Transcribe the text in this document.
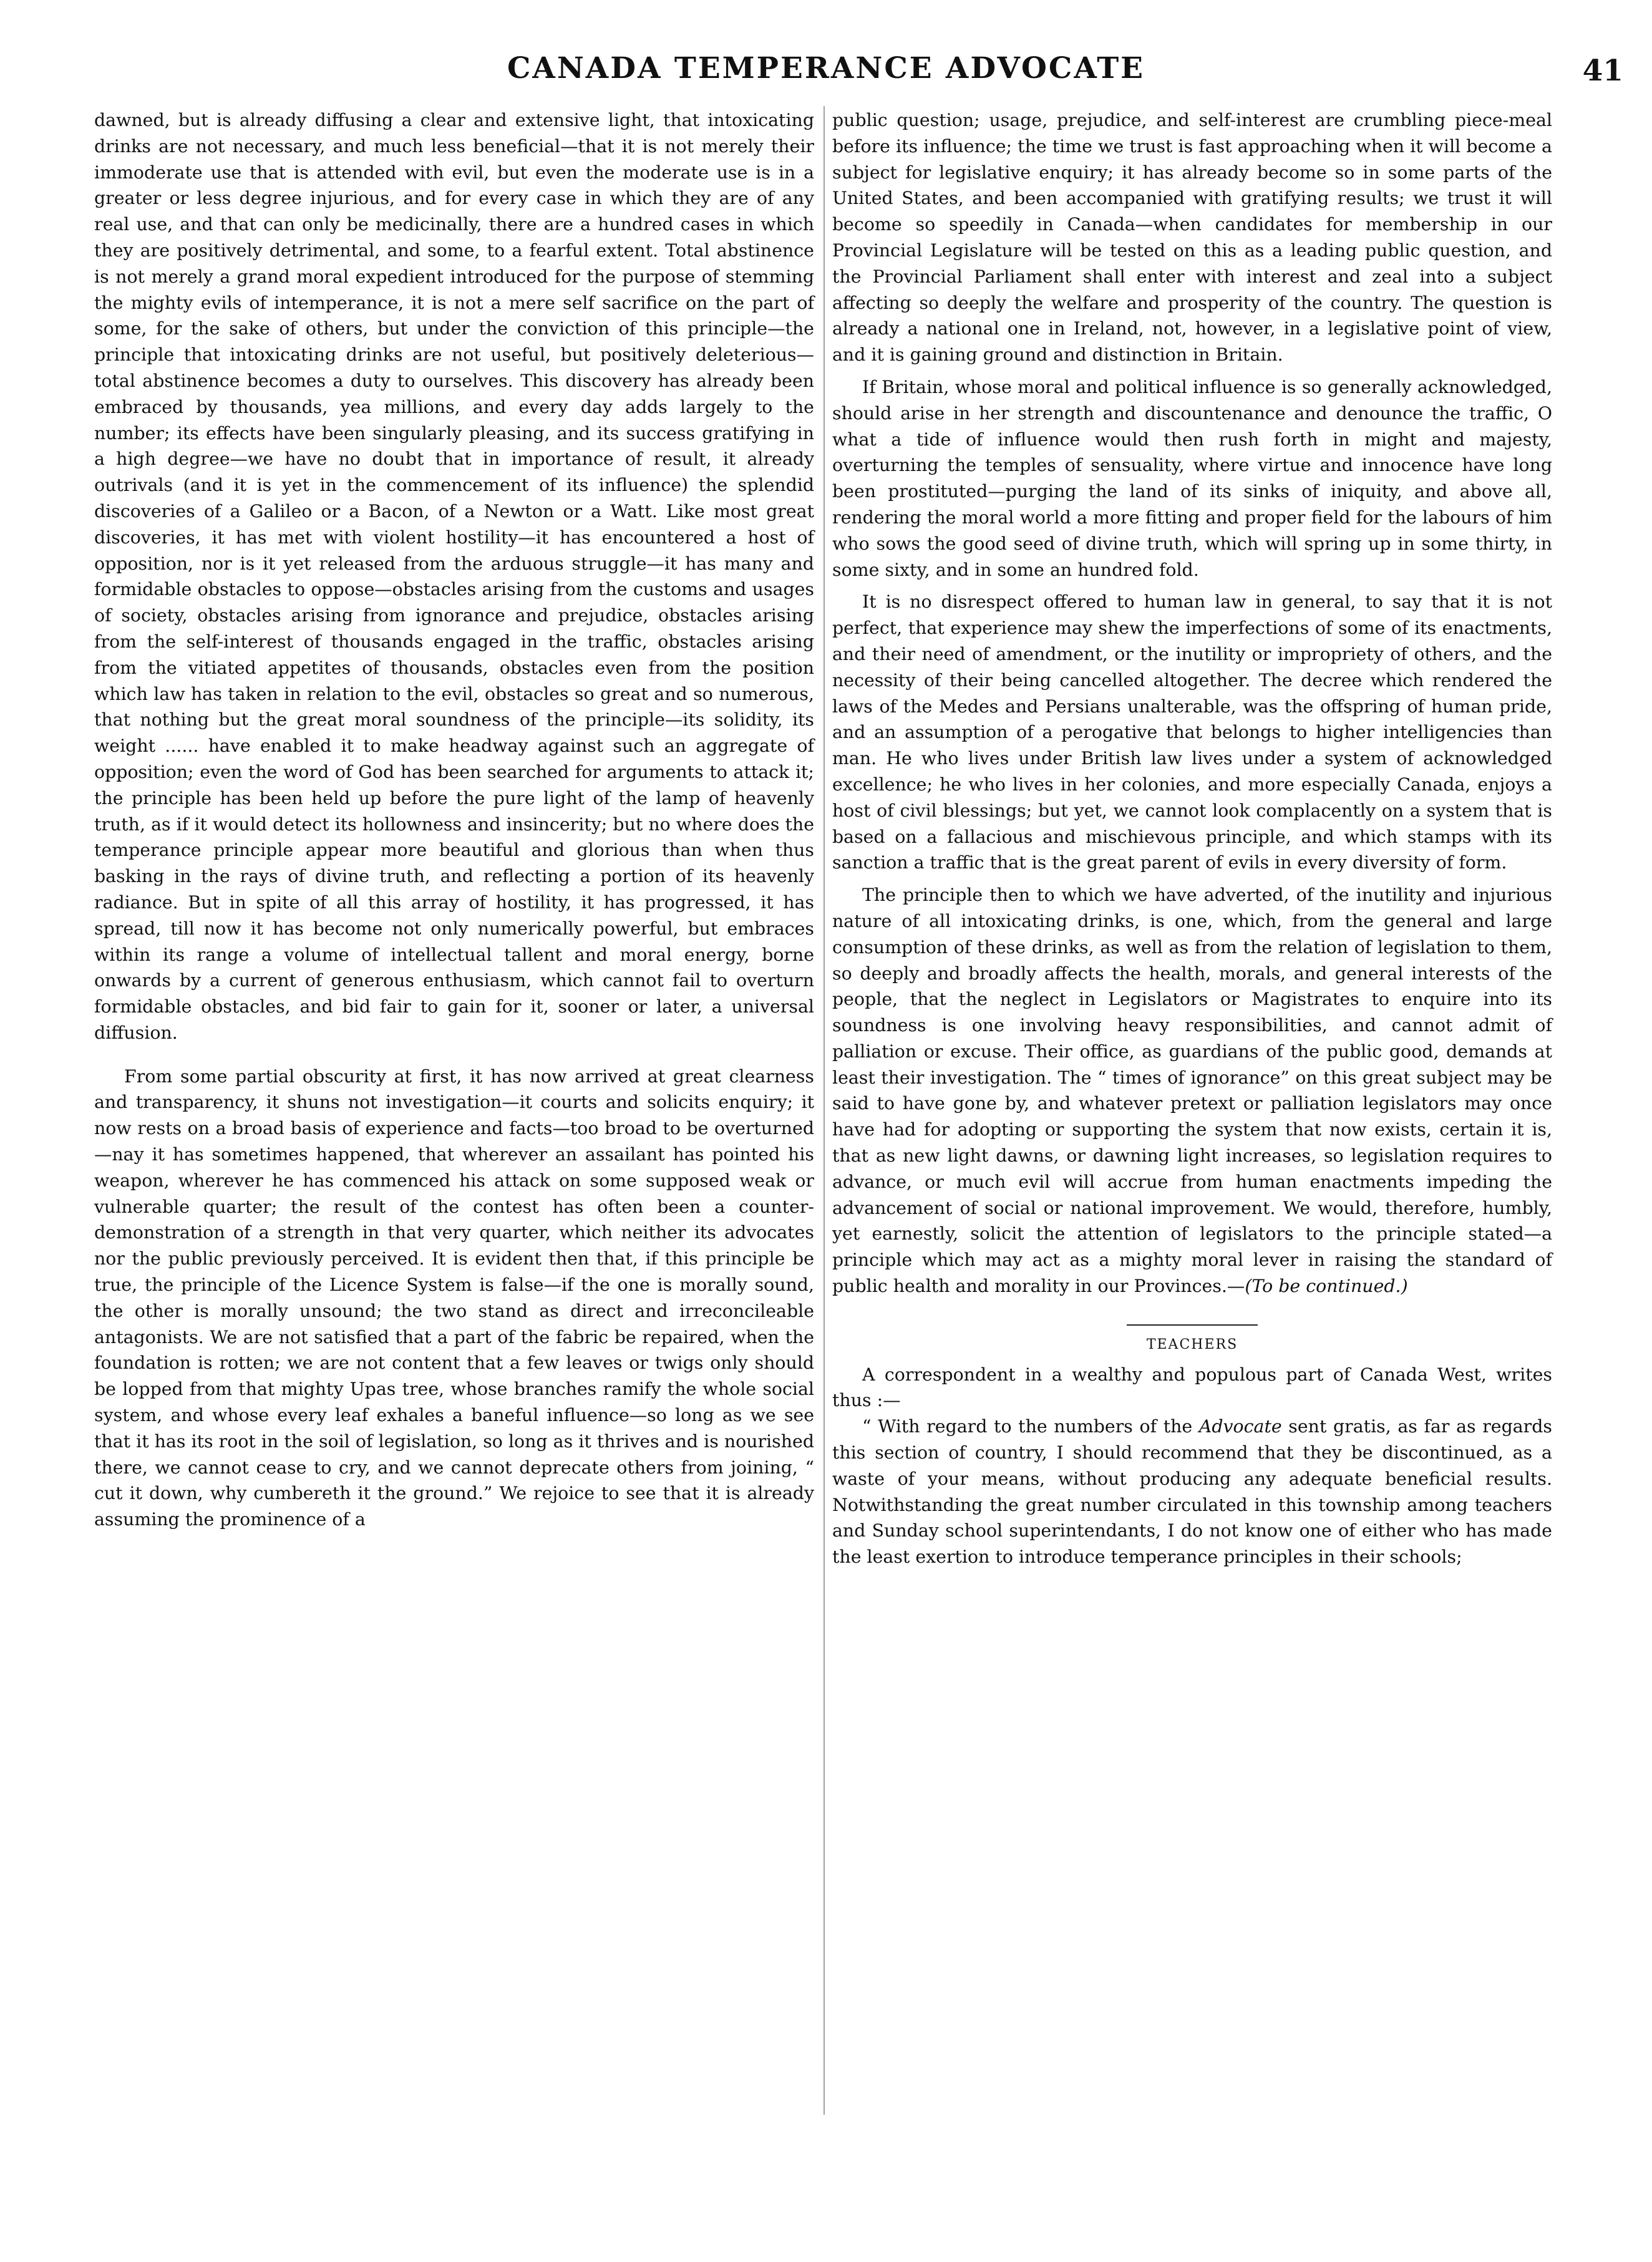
CANADA TEMPERANCE ADVOCATE	41

dawned, but is already diffusing a clear and extensive light, that intoxicating drinks are not necessary, and much less beneficial—that it is not merely their immoderate use that is attended with evil, but even the moderate use is in a greater or less degree injurious, and for every case in which they are of any real use, and that can only be medicinally, there are a hundred cases in which they are positively detrimental, and some, to a fearful extent. Total abstinence is not merely a grand moral expedient introduced for the purpose of stemming the mighty evils of intemperance, it is not a mere self sacrifice on the part of some, for the sake of others, but under the conviction of this principle—the principle that intoxicating drinks are not useful, but positively deleterious—total abstinence becomes a duty to ourselves. This discovery has already been embraced by thousands, yea millions, and every day adds largely to the number; its effects have been singularly pleasing, and its success gratifying in a high degree—we have no doubt that in importance of result, it already outrivals (and it is yet in the commencement of its influence) the splendid discoveries of a Galileo or a Bacon, of a Newton or a Watt. Like most great discoveries, it has met with violent hostility—it has encountered a host of opposition, nor is it yet released from the arduous struggle—it has many and formidable obstacles to oppose—obstacles arising from the customs and usages of society, obstacles arising from ignorance and prejudice, obstacles arising from the self-interest of thousands engaged in the traffic, obstacles arising from the vitiated appetites of thousands, obstacles even from the position which law has taken in relation to the evil, obstacles so great and so numerous, that nothing but the great moral soundness of the principle—its solidity, its weight ...... have enabled it to make headway against such an aggregate of opposition; even the word of God has been searched for arguments to attack it; the principle has been held up before the pure light of the lamp of heavenly truth, as if it would detect its hollowness and insincerity; but no where does the temperance principle appear more beautiful and glorious than when thus basking in the rays of divine truth, and reflecting a portion of its heavenly radiance. But in spite of all this array of hostility, it has progressed, it has spread, till now it has become not only numerically powerful, but embraces within its range a volume of intellectual tallent and moral energy, borne onwards by a current of generous enthusiasm, which cannot fail to overturn formidable obstacles, and bid fair to gain for it, sooner or later, a universal diffusion.

From some partial obscurity at first, it has now arrived at great clearness and transparency, it shuns not investigation—it courts and solicits enquiry; it now rests on a broad basis of experience and facts—too broad to be overturned—nay it has sometimes happened, that wherever an assailant has pointed his weapon, wherever he has commenced his attack on some supposed weak or vulnerable quarter; the result of the contest has often been a counter-demonstration of a strength in that very quarter, which neither its advocates nor the public previously perceived. It is evident then that, if this principle be true, the principle of the Licence System is false—if the one is morally sound, the other is morally unsound; the two stand as direct and irreconcileable antagonists. We are not satisfied that a part of the fabric be repaired, when the foundation is rotten; we are not content that a few leaves or twigs only should be lopped from that mighty Upas tree, whose branches ramify the whole social system, and whose every leaf exhales a baneful influence—so long as we see that it has its root in the soil of legislation, so long as it thrives and is nourished there, we cannot cease to cry, and we cannot deprecate others from joining, “ cut it down, why cumbereth it the ground.” We rejoice to see that it is already assuming the prominence of a

public question; usage, prejudice, and self-interest are crumbling piece-meal before its influence; the time we trust is fast approaching when it will become a subject for legislative enquiry; it has already become so in some parts of the United States, and been accompanied with gratifying results; we trust it will become so speedily in Canada—when candidates for membership in our Provincial Legislature will be tested on this as a leading public question, and the Provincial Parliament shall enter with interest and zeal into a subject affecting so deeply the welfare and prosperity of the country. The question is already a national one in Ireland, not, however, in a legislative point of view, and it is gaining ground and distinction in Britain.

If Britain, whose moral and political influence is so generally acknowledged, should arise in her strength and discountenance and denounce the traffic, O what a tide of influence would then rush forth in might and majesty, overturning the temples of sensuality, where virtue and innocence have long been prostituted—purging the land of its sinks of iniquity, and above all, rendering the moral world a more fitting and proper field for the labours of him who sows the good seed of divine truth, which will spring up in some thirty, in some sixty, and in some an hundred fold.

It is no disrespect offered to human law in general, to say that it is not perfect, that experience may shew the imperfections of some of its enactments, and their need of amendment, or the inutility or impropriety of others, and the necessity of their being cancelled altogether. The decree which rendered the laws of the Medes and Persians unalterable, was the offspring of human pride, and an assumption of a perogative that belongs to higher intelligencies than man. He who lives under British law lives under a system of acknowledged excellence; he who lives in her colonies, and more especially Canada, enjoys a host of civil blessings; but yet, we cannot look complacently on a system that is based on a fallacious and mischievous principle, and which stamps with its sanction a traffic that is the great parent of evils in every diversity of form.

The principle then to which we have adverted, of the inutility and injurious nature of all intoxicating drinks, is one, which, from the general and large consumption of these drinks, as well as from the relation of legislation to them, so deeply and broadly affects the health, morals, and general interests of the people, that the neglect in Legislators or Magistrates to enquire into its soundness is one involving heavy responsibilities, and cannot admit of palliation or excuse. Their office, as guardians of the public good, demands at least their investigation. The “ times of ignorance” on this great subject may be said to have gone by, and whatever pretext or palliation legislators may once have had for adopting or supporting the system that now exists, certain it is, that as new light dawns, or dawning light increases, so legislation requires to advance, or much evil will accrue from human enactments impeding the advancement of social or national improvement. We would, therefore, humbly, yet earnestly, solicit the attention of legislators to the principle stated—a principle which may act as a mighty moral lever in raising the standard of public health and morality in our Provinces.—(To be continued.)

TEACHERS

A correspondent in a wealthy and populous part of Canada West, writes thus :—

“ With regard to the numbers of the Advocate sent gratis, as far as regards this section of country, I should recommend that they be discontinued, as a waste of your means, without producing any adequate beneficial results. Notwithstanding the great number circulated in this township among teachers and Sunday school superintendants, I do not know one of either who has made the least exertion to introduce temperance principles in their schools;
